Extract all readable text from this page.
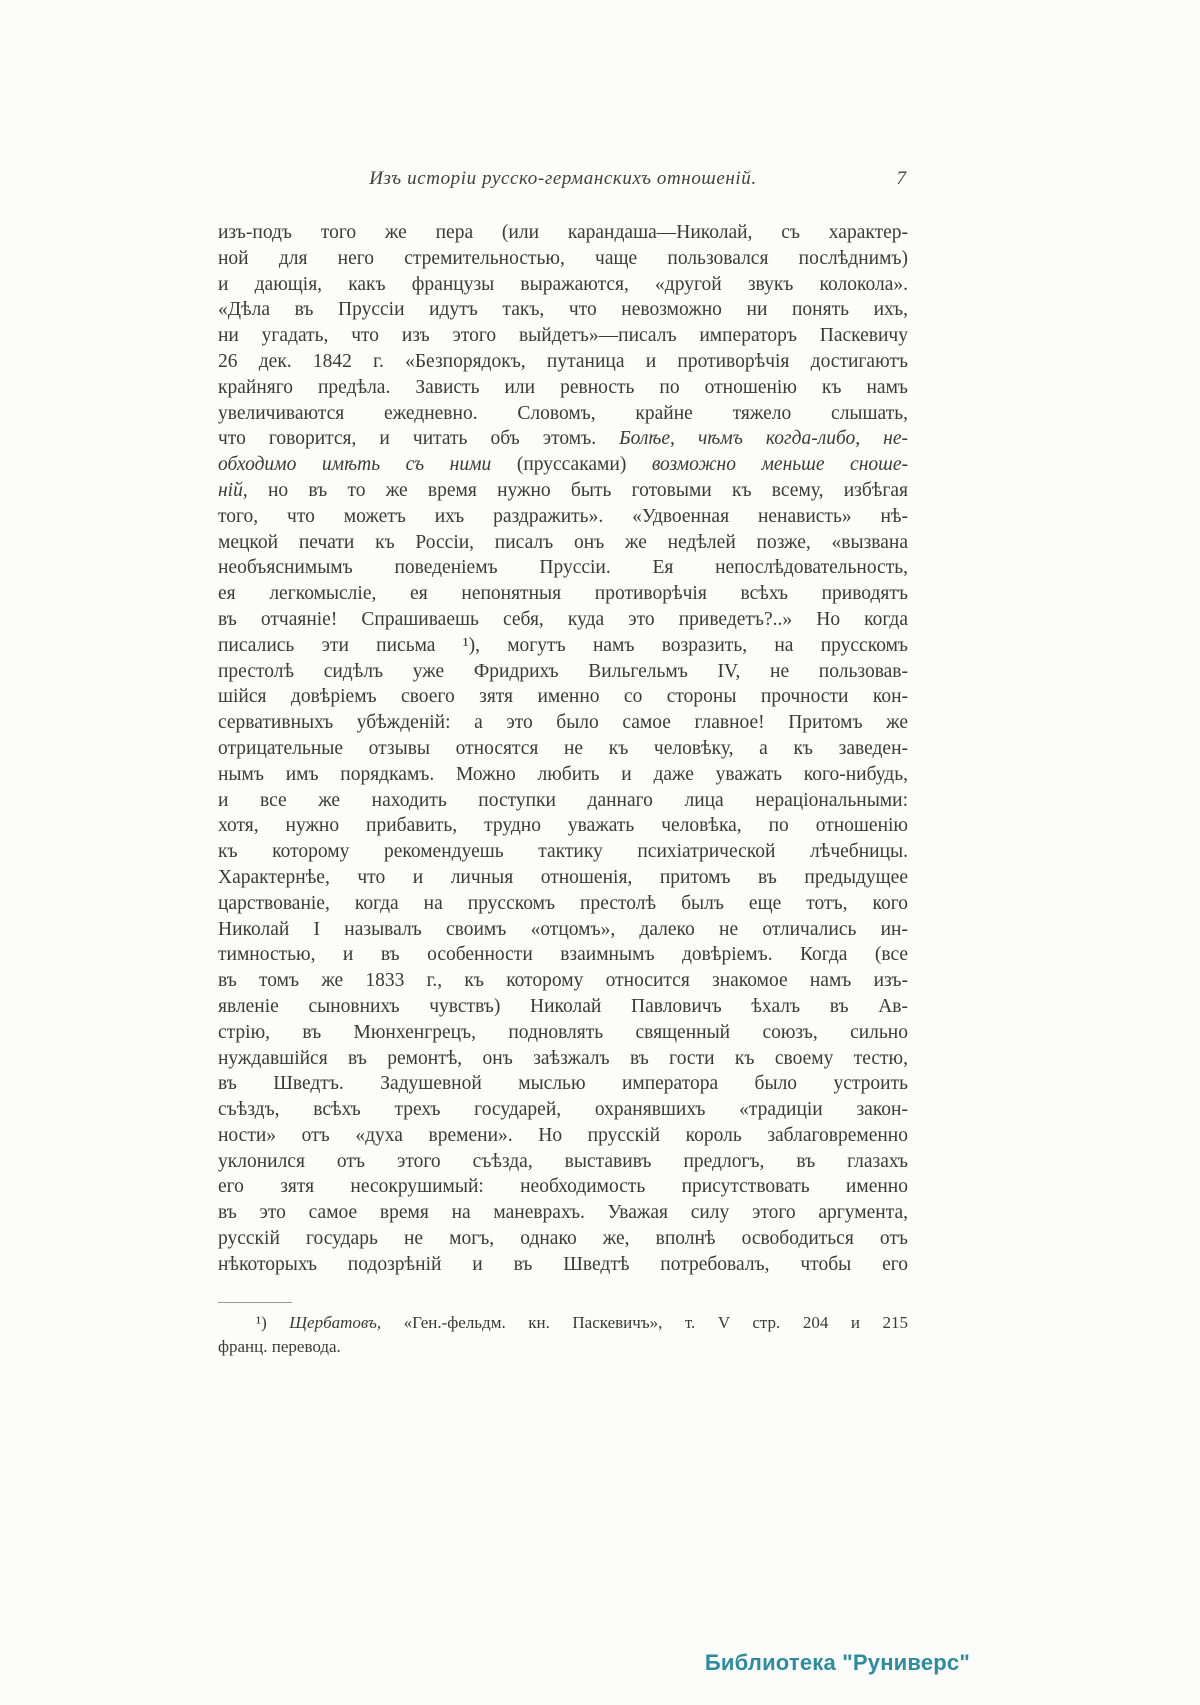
Изъ исторіи русско-германскихъ отношеній.	7
изъ-подъ того же пера (или карандаша—Николай, съ характер-
ной для него стремительностью, чаще пользовался послѣднимъ)
и дающія, какъ французы выражаются, «другой звукъ колокола».
«Дѣла въ Пруссіи идутъ такъ, что невозможно ни понять ихъ,
ни угадать, что изъ этого выйдетъ»—писалъ императоръ Паскевичу
26 дек. 1842 г. «Безпорядокъ, путаница и противорѣчія достигаютъ
крайняго предѣла. Зависть или ревность по отношенію къ намъ
увеличиваются ежедневно. Словомъ, крайне тяжело слышать,
что говорится, и читать объ этомъ. Болѣе, чѣмъ когда-либо, не-
обходимо имѣть съ ними (пруссаками) возможно меньше сноше-
ній, но въ то же время нужно быть готовыми къ всему, избѣгая
того, что можетъ ихъ раздражить». «Удвоенная ненависть» нѣ-
мецкой печати къ Россіи, писалъ онъ же недѣлей позже, «вызвана
необъяснимымъ поведеніемъ Пруссіи. Ея непослѣдовательность,
ея легкомысліе, ея непонятныя противорѣчія всѣхъ приводятъ
въ отчаяніе! Спрашиваешь себя, куда это приведетъ?..» Но когда
писались эти письма ¹), могутъ намъ возразить, на прусскомъ
престолѣ сидѣлъ уже Фридрихъ Вильгельмъ IV, не пользовав-
шійся довѣріемъ своего зятя именно со стороны прочности кон-
сервативныхъ убѣжденій: а это было самое главное! Притомъ же
отрицательные отзывы относятся не къ человѣку, а къ заведен-
нымъ имъ порядкамъ. Можно любить и даже уважать кого-нибудь,
и все же находить поступки даннаго лица нераціональными:
хотя, нужно прибавить, трудно уважать человѣка, по отношенію
къ которому рекомендуешь тактику психіатрической лѣчебницы.
Характернѣе, что и личныя отношенія, притомъ въ предыдущее
царствованіе, когда на прусскомъ престолѣ былъ еще тотъ, кого
Николай I называлъ своимъ «отцомъ», далеко не отличались ин-
тимностью, и въ особенности взаимнымъ довѣріемъ. Когда (все
въ томъ же 1833 г., къ которому относится знакомое намъ изъ-
явленіе сыновнихъ чувствъ) Николай Павловичъ ѣхалъ въ Ав-
стрію, въ Мюнхенгрецъ, подновлять священный союзъ, сильно
нуждавшійся въ ремонтѣ, онъ заѣзжалъ въ гости къ своему тестю,
въ Шведтъ. Задушевной мыслью императора было устроить
съѣздъ, всѣхъ трехъ государей, охранявшихъ «традиціи закон-
ности» отъ «духа времени». Но прусскій король заблаговременно
уклонился отъ этого съѣзда, выставивъ предлогъ, въ глазахъ
его зятя несокрушимый: необходимость присутствовать именно
въ это самое время на маневрахъ. Уважая силу этого аргумента,
русскій государь не могъ, однако же, вполнѣ освободиться отъ
нѣкоторыхъ подозрѣній и въ Шведтѣ потребовалъ, чтобы его
¹) Щербатовъ, «Ген.-фельдм. кн. Паскевичъ», т. V стр. 204 и 215
франц. перевода.
Библиотека "Руниверс"
